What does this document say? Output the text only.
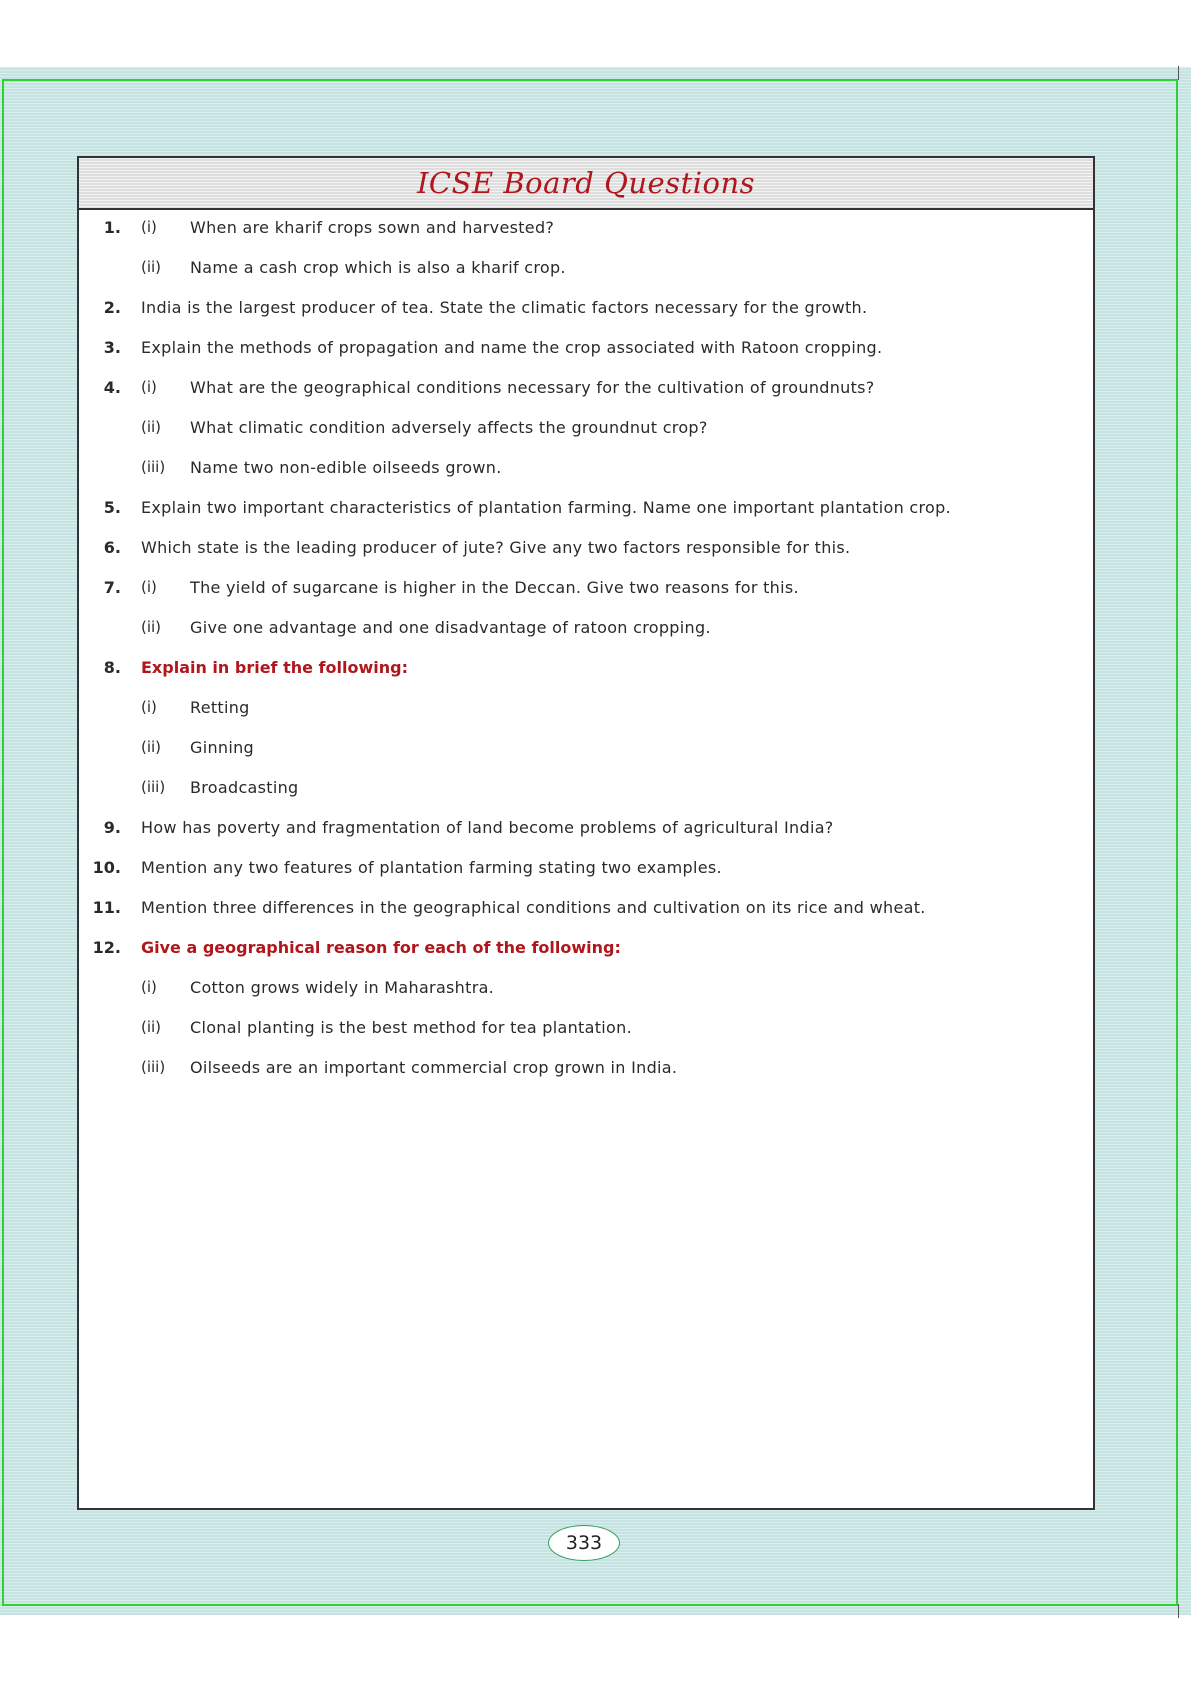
ICSE Board Questions
1. (i) When are kharif crops sown and harvested?
(ii) Name a cash crop which is also a kharif crop.
2. India is the largest producer of tea. State the climatic factors necessary for the growth.
3. Explain the methods of propagation and name the crop associated with Ratoon cropping.
4. (i) What are the geographical conditions necessary for the cultivation of groundnuts?
(ii) What climatic condition adversely affects the groundnut crop?
(iii) Name two non-edible oilseeds grown.
5. Explain two important characteristics of plantation farming. Name one important plantation crop.
6. Which state is the leading producer of jute? Give any two factors responsible for this.
7. (i) The yield of sugarcane is higher in the Deccan. Give two reasons for this.
(ii) Give one advantage and one disadvantage of ratoon cropping.
8. Explain in brief the following:
(i) Retting
(ii) Ginning
(iii) Broadcasting
9. How has poverty and fragmentation of land become problems of agricultural India?
10. Mention any two features of plantation farming stating two examples.
11. Mention three differences in the geographical conditions and cultivation on its rice and wheat.
12. Give a geographical reason for each of the following:
(i) Cotton grows widely in Maharashtra.
(ii) Clonal planting is the best method for tea plantation.
(iii) Oilseeds are an important commercial crop grown in India.
333
